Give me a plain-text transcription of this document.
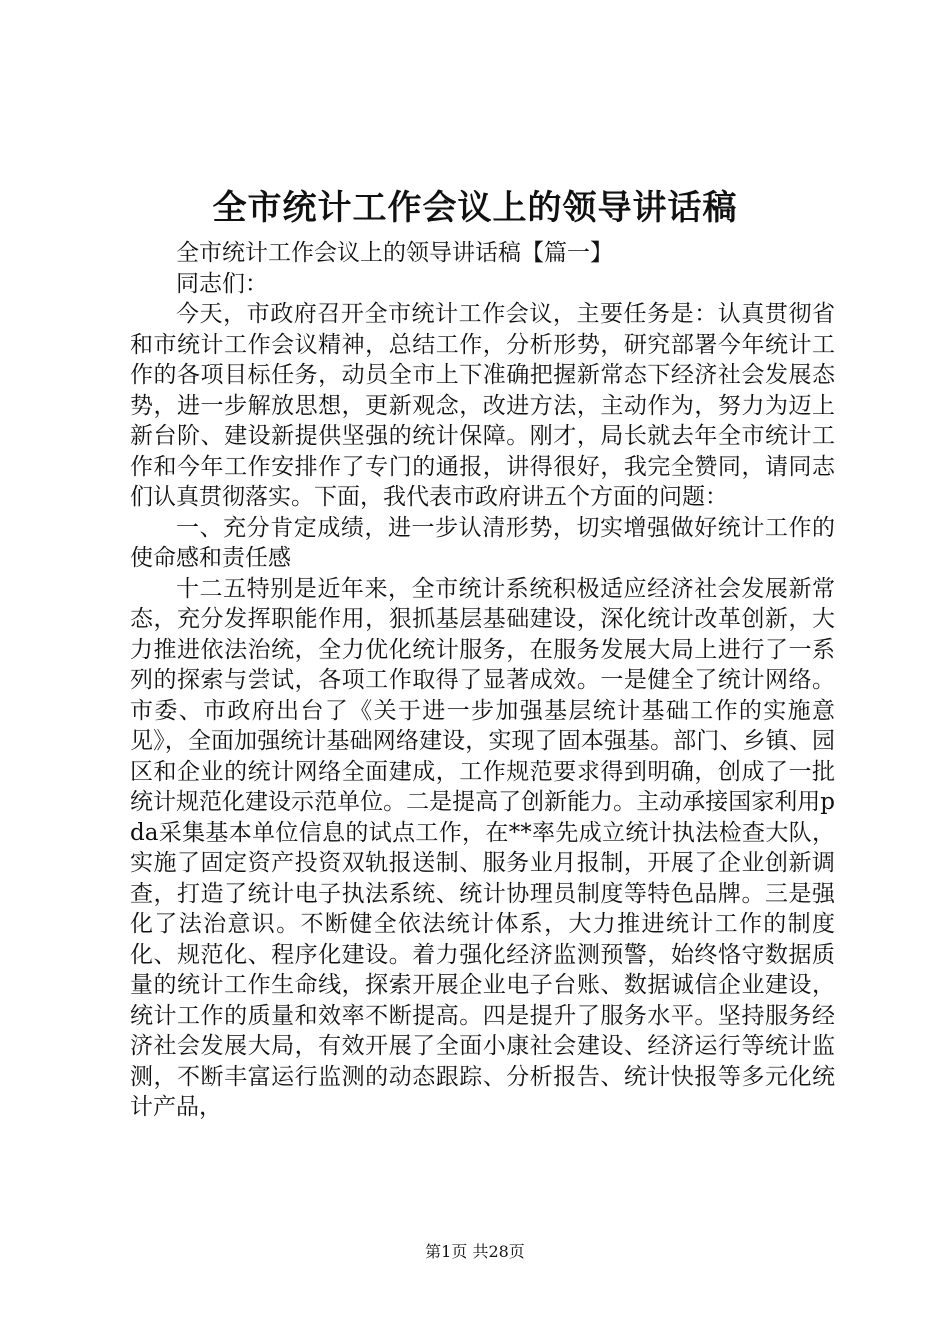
全市统计工作会议上的领导讲话稿

全市统计工作会议上的领导讲话稿【篇一】

同志们：

今天，市政府召开全市统计工作会议，主要任务是：认真贯彻省和市统计工作会议精神，总结工作，分析形势，研究部署今年统计工作的各项目标任务，动员全市上下准确把握新常态下经济社会发展态势，进一步解放思想，更新观念，改进方法，主动作为，努力为迈上新台阶、建设新提供坚强的统计保障。刚才，局长就去年全市统计工作和今年工作安排作了专门的通报，讲得很好，我完全赞同，请同志们认真贯彻落实。下面，我代表市政府讲五个方面的问题：

一、充分肯定成绩，进一步认清形势，切实增强做好统计工作的使命感和责任感

十二五特别是近年来，全市统计系统积极适应经济社会发展新常态，充分发挥职能作用，狠抓基层基础建设，深化统计改革创新，大力推进依法治统，全力优化统计服务，在服务发展大局上进行了一系列的探索与尝试，各项工作取得了显著成效。一是健全了统计网络。市委、市政府出台了《关于进一步加强基层统计基础工作的实施意见》，全面加强统计基础网络建设，实现了固本强基。部门、乡镇、园区和企业的统计网络全面建成，工作规范要求得到明确，创成了一批统计规范化建设示范单位。二是提高了创新能力。主动承接国家利用pda采集基本单位信息的试点工作，在**率先成立统计执法检查大队，实施了固定资产投资双轨报送制、服务业月报制，开展了企业创新调查，打造了统计电子执法系统、统计协理员制度等特色品牌。三是强化了法治意识。不断健全依法统计体系，大力推进统计工作的制度化、规范化、程序化建设。着力强化经济监测预警，始终恪守数据质量的统计工作生命线，探索开展企业电子台账、数据诚信企业建设，统计工作的质量和效率不断提高。四是提升了服务水平。坚持服务经济社会发展大局，有效开展了全面小康社会建设、经济运行等统计监测，不断丰富运行监测的动态跟踪、分析报告、统计快报等多元化统计产品，

第1页 共28页
